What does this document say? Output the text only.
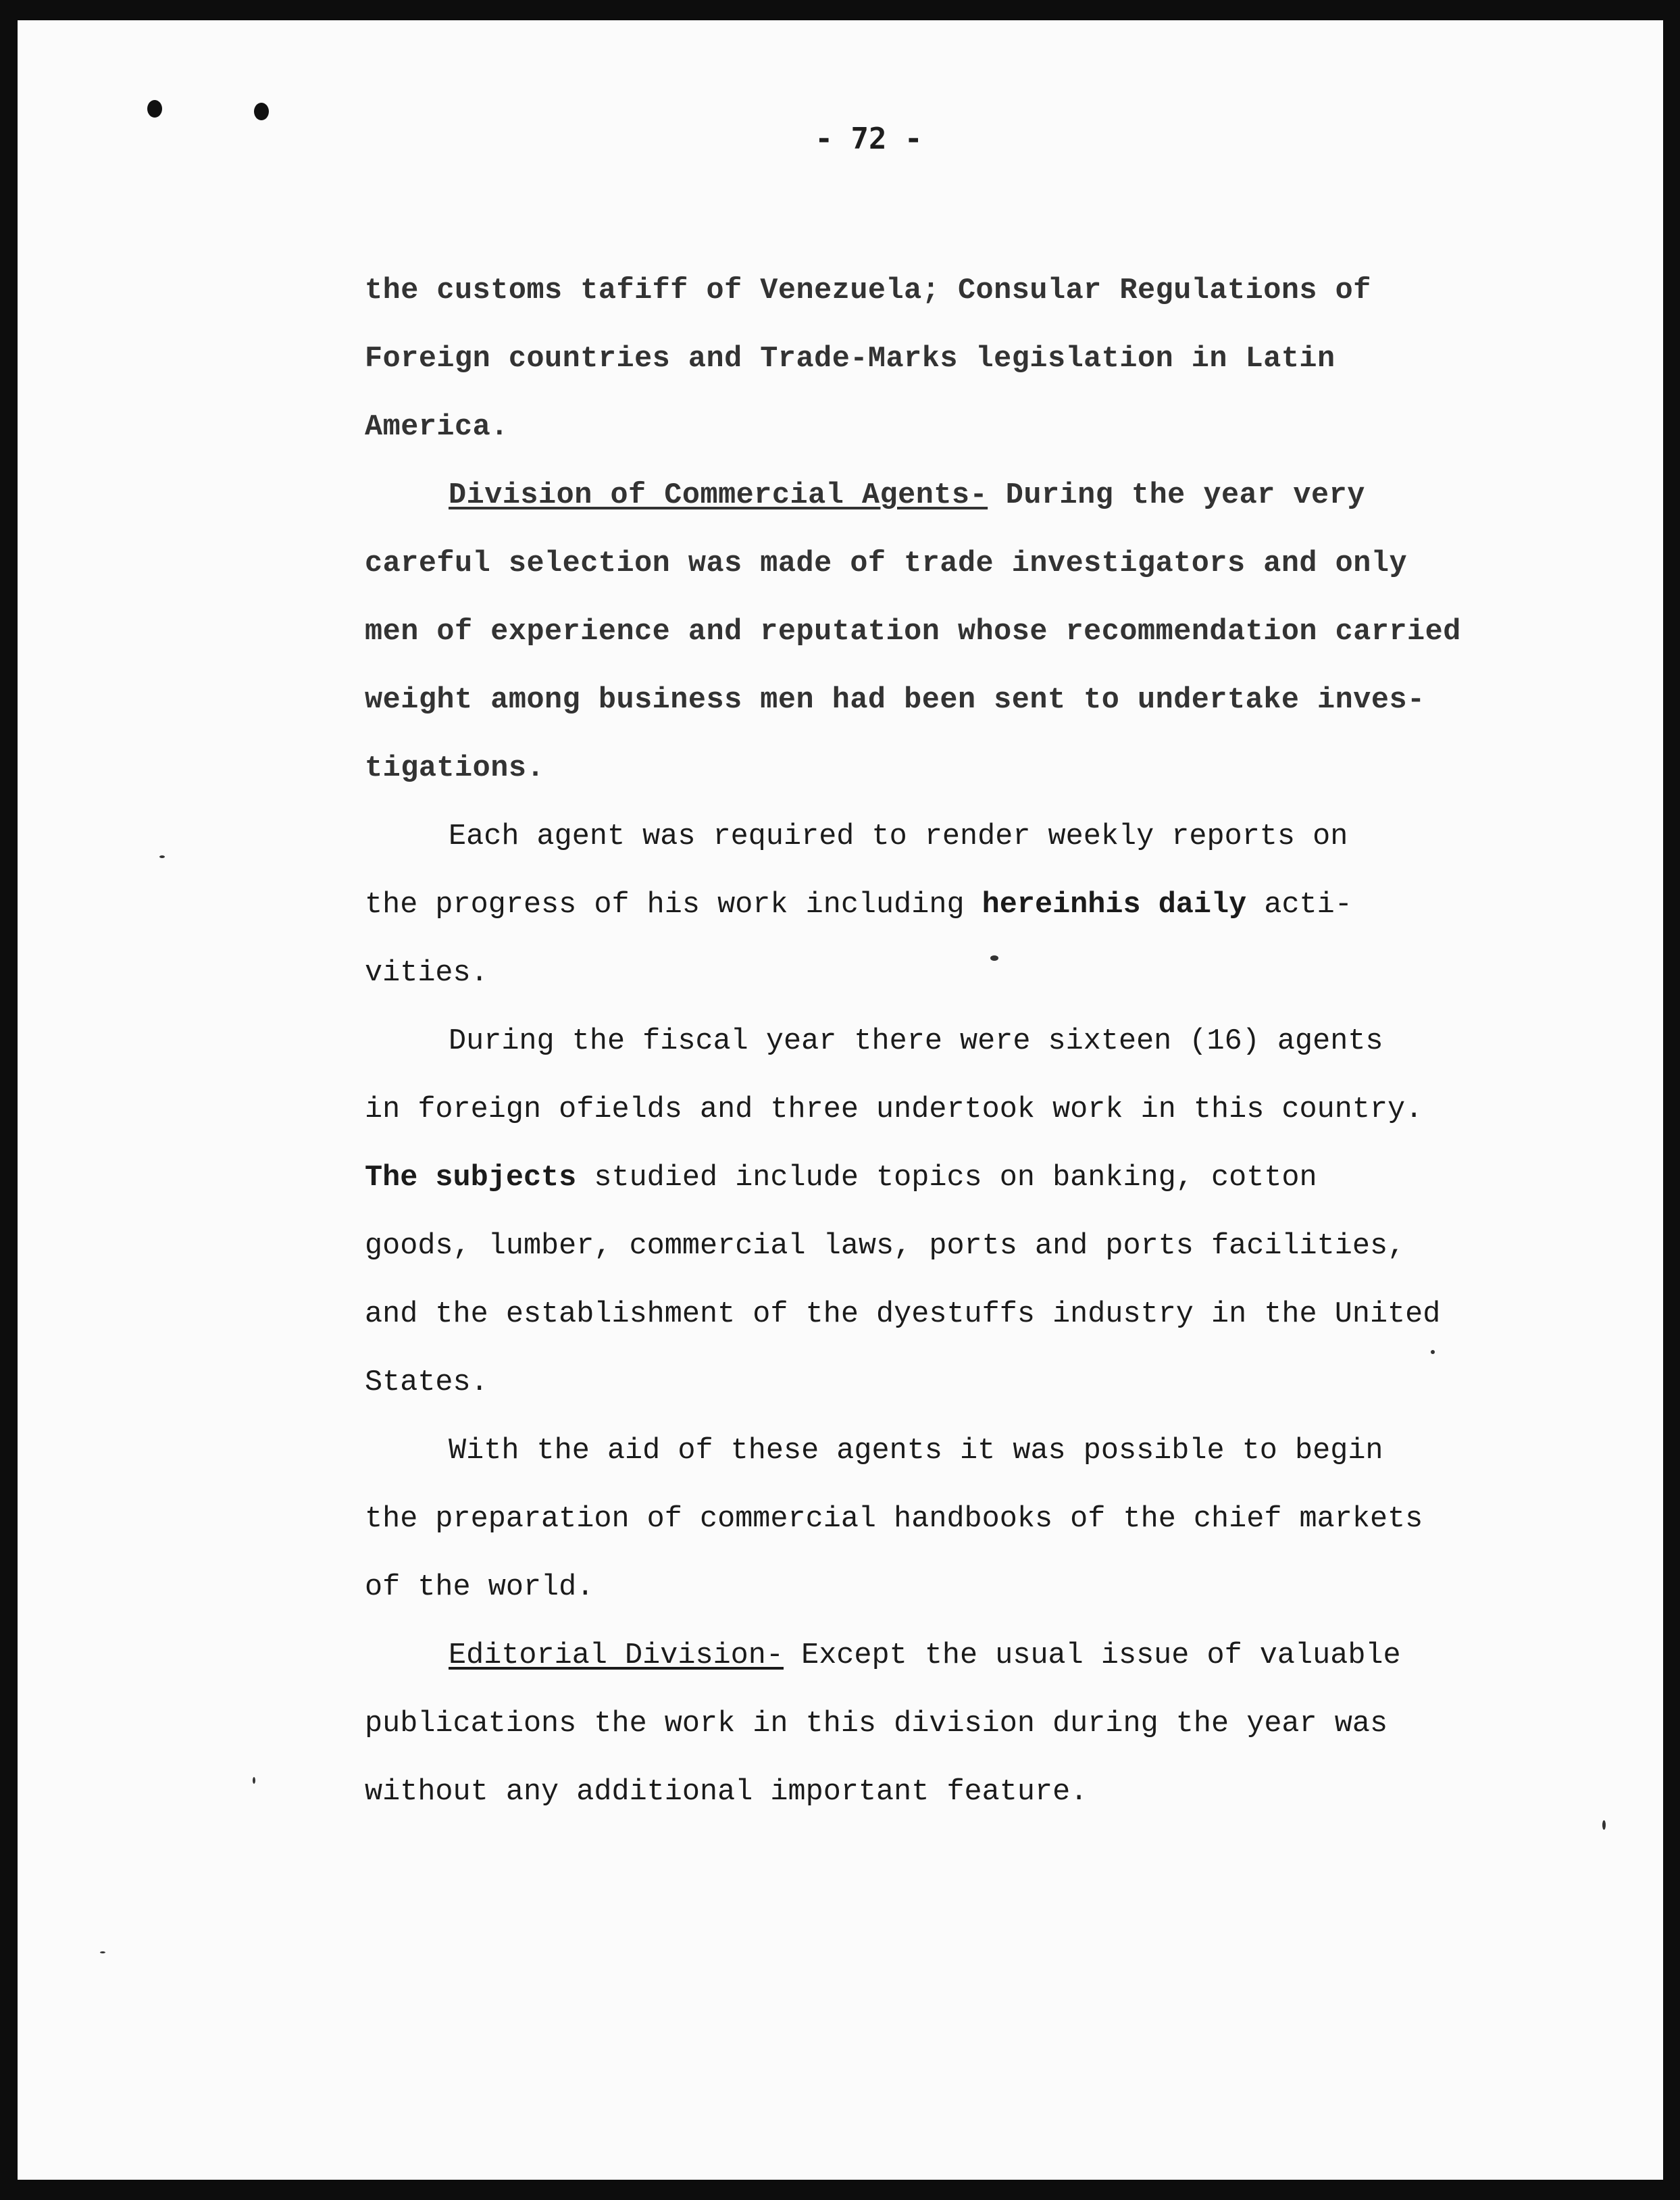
- 72 -
the customs tafiff of Venezuela; Consular Regulations of
Foreign countries and Trade-Marks legislation in Latin
America.
Division of Commercial Agents- During the year very
careful selection was made of trade investigators and only
men of experience and reputation whose recommendation carried
weight among business men had been sent to undertake inves-
tigations.
Each agent was required to render weekly reports on
the progress of his work including hereinhis daily acti-
vities.
During the fiscal year there were sixteen (16) agents
in foreign ofields and three undertook work in this country.
The subjects studied include topics on banking, cotton
goods, lumber, commercial laws, ports and ports facilities,
and the establishment of the dyestuffs industry in the United
States.
With the aid of these agents it was possible to begin
the preparation of commercial handbooks of the chief markets
of the world.
Editorial Division- Except the usual issue of valuable
publications the work in this division during the year was
without any additional important feature.
